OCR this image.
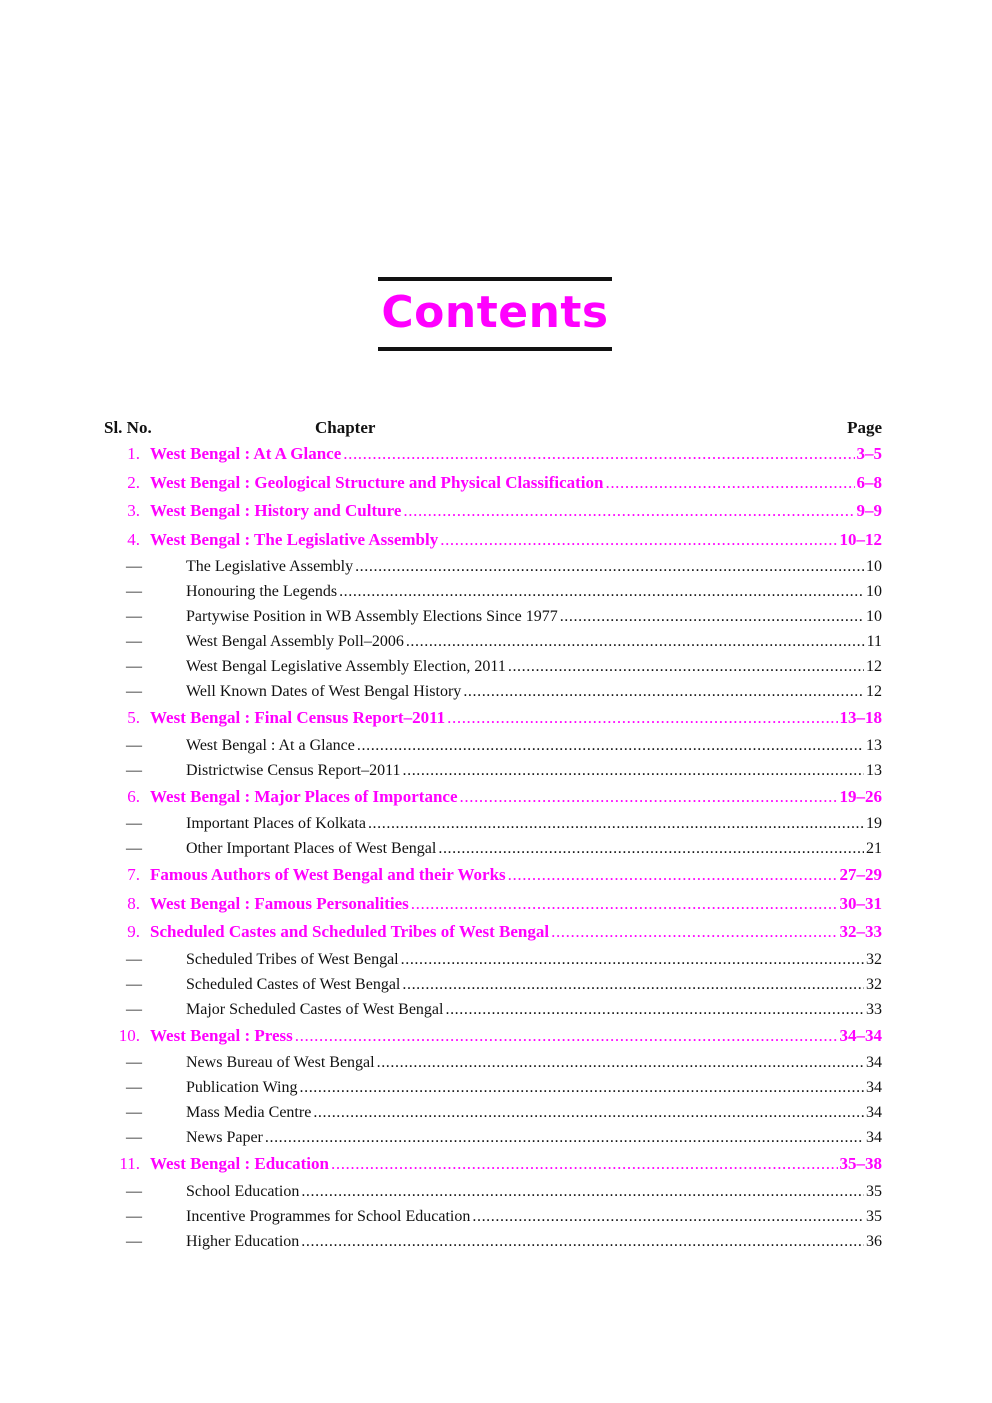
Contents
Sl. No.	Chapter	Page
1. West Bengal : At A Glance .....	3–5
2. West Bengal : Geological Structure and Physical Classification .....	6–8
3. West Bengal : History and Culture .....	9–9
4. West Bengal : The Legislative Assembly .....	10–12
—	The Legislative Assembly .....	10
—	Honouring the Legends .....	10
—	Partywise Position in WB Assembly Elections Since 1977 .....	10
—	West Bengal Assembly Poll–2006 .....	11
—	West Bengal Legislative Assembly Election, 2011 .....	12
—	Well Known Dates of West Bengal History .....	12
5. West Bengal : Final Census Report–2011 .....	13–18
—	West Bengal : At a Glance .....	13
—	Districtwise Census Report–2011 .....	13
6. West Bengal : Major Places of Importance .....	19–26
—	Important Places of Kolkata .....	19
—	Other Important Places of West Bengal .....	21
7. Famous Authors of West Bengal and their Works .....	27–29
8. West Bengal : Famous Personalities .....	30–31
9. Scheduled Castes and Scheduled Tribes of West Bengal .....	32–33
—	Scheduled Tribes of West Bengal .....	32
—	Scheduled Castes of West Bengal .....	32
—	Major Scheduled Castes of West Bengal .....	33
10. West Bengal : Press .....	34–34
—	News Bureau of West Bengal .....	34
—	Publication Wing .....	34
—	Mass Media Centre .....	34
—	News Paper .....	34
11. West Bengal : Education .....	35–38
—	School Education .....	35
—	Incentive Programmes for School Education .....	35
—	Higher Education .....	36
